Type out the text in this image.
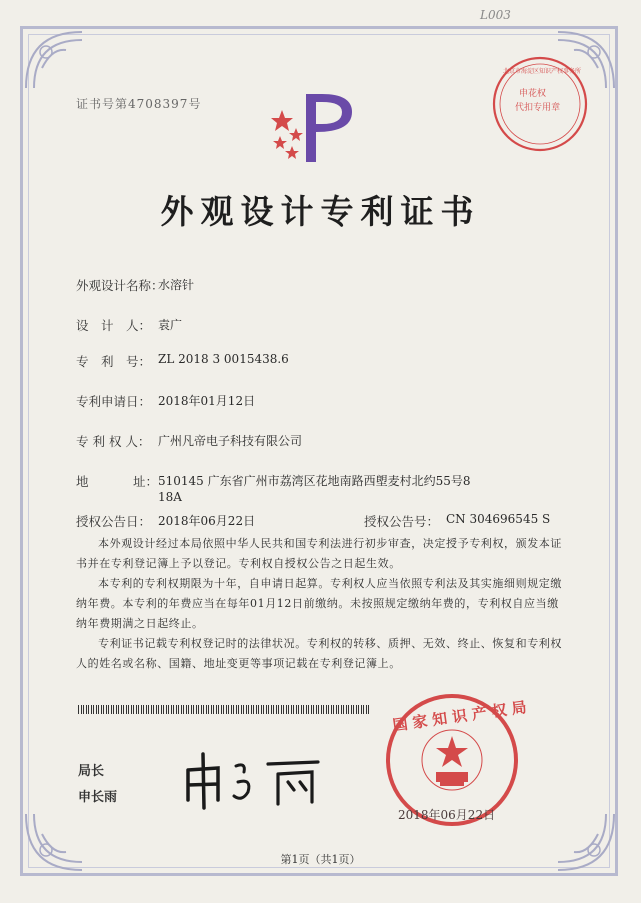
L003
证书号第4708397号
申花权
代扣专用章
北京市海淀区知识产权事务所
外观设计专利证书
外观设计名称：
水溶针
设　计　人： 袁广
专　利　号： ZL 2018 3 0015438.6
专利申请日： 2018年01月12日
专 利 权 人： 广州凡帝电子科技有限公司
地	址： 510145 广东省广州市荔湾区花地南路西塱麦村北约55号8
18A
授权公告日： 2018年06月22日	授权公告号： CN 304696545 S
本外观设计经过本局依照中华人民共和国专利法进行初步审查，决定授予专利权，颁发本证书并在专利登记簿上予以登记。专利权自授权公告之日起生效。
本专利的专利权期限为十年，自申请日起算。专利权人应当依照专利法及其实施细则规定缴纳年费。本专利的年费应当在每年01月12日前缴纳。未按照规定缴纳年费的，专利权自应当缴纳年费期满之日起终止。
专利证书记载专利权登记时的法律状况。专利权的转移、质押、无效、终止、恢复和专利权人的姓名或名称、国籍、地址变更等事项记载在专利登记簿上。
局长
申长雨
国家知识产权局
2018年06月22日
第1页（共1页）
